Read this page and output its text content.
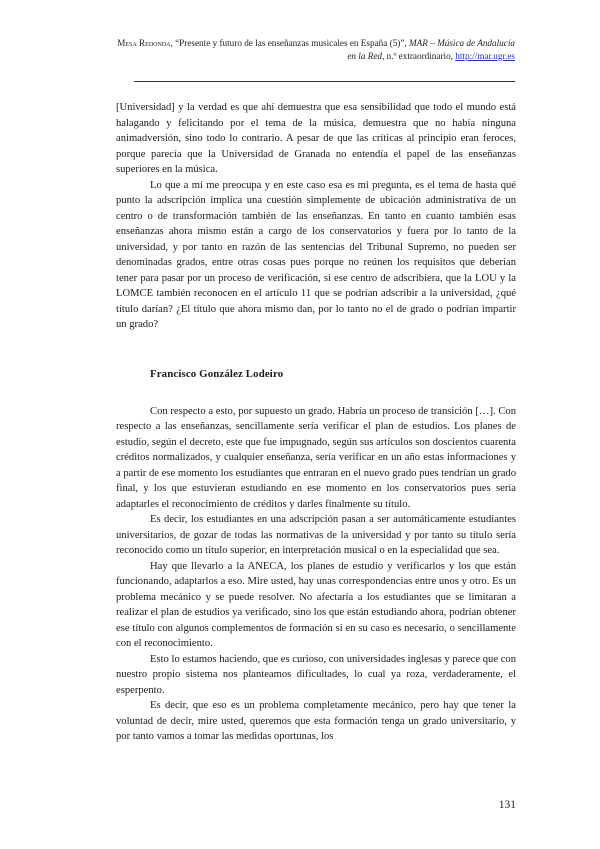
Mesa Redonda, “Presente y futuro de las enseñanzas musicales en España (5)”, MAR – Música de Andalucía en la Red, n.º extraordinario, http://mar.ugr.es

[Universidad] y la verdad es que ahí demuestra que esa sensibilidad que todo el mundo está halagando y felicitando por el tema de la música, demuestra que no había ninguna animadversión, sino todo lo contrario. A pesar de que las críticas al principio eran feroces, porque parecía que la Universidad de Granada no entendía el papel de las enseñanzas superiores en la música.

Lo que a mí me preocupa y en este caso esa es mi pregunta, es el tema de hasta qué punto la adscripción implica una cuestión simplemente de ubicación administrativa de un centro o de transformación también de las enseñanzas. En tanto en cuanto también esas enseñanzas ahora mismo están a cargo de los conservatorios y fuera por lo tanto de la universidad, y por tanto en razón de las sentencias del Tribunal Supremo, no pueden ser denominadas grados, entre otras cosas pues porque no reúnen los requisitos que deberían tener para pasar por un proceso de verificación, si ese centro de adscribiera, que la LOU y la LOMCE también reconocen en el artículo 11 que se podrían adscribir a la universidad, ¿qué título darían? ¿El título que ahora mismo dan, por lo tanto no el de grado o podrían impartir un grado?

Francisco González Lodeiro

Con respecto a esto, por supuesto un grado. Habría un proceso de transición […]. Con respecto a las enseñanzas, sencillamente sería verificar el plan de estudios. Los planes de estudio, según el decreto, este que fue impugnado, según sus artículos son doscientos cuarenta créditos normalizados, y cualquier enseñanza, sería verificar en un año estas informaciones y a partir de ese momento los estudiantes que entraran en el nuevo grado pues tendrían un grado final, y los que estuvieran estudiando en ese momento en los conservatorios pues sería adaptarles el reconocimiento de créditos y darles finalmente su título.

Es decir, los estudiantes en una adscripción pasan a ser automáticamente estudiantes universitarios, de gozar de todas las normativas de la universidad y por tanto su título sería reconocido como un título superior, en interpretación musical o en la especialidad que sea.

Hay que llevarlo a la ANECA, los planes de estudio y verificarlos y los que están funcionando, adaptarlos a eso. Mire usted, hay unas correspondencias entre unos y otro. Es un problema mecánico y se puede resolver. No afectaría a los estudiantes que se limitaran a realizar el plan de estudios ya verificado, sino los que están estudiando ahora, podrían obtener ese título con algunos complementos de formación si en su caso es necesario, o sencillamente con el reconocimiento.

Esto lo estamos haciendo, que es curioso, con universidades inglesas y parece que con nuestro propio sistema nos planteamos dificultades, lo cual ya roza, verdaderamente, el esperpento.

Es decir, que eso es un problema completamente mecánico, pero hay que tener la voluntad de decir, mire usted, queremos que esta formación tenga un grado universitario, y por tanto vamos a tomar las medidas oportunas, los

131
